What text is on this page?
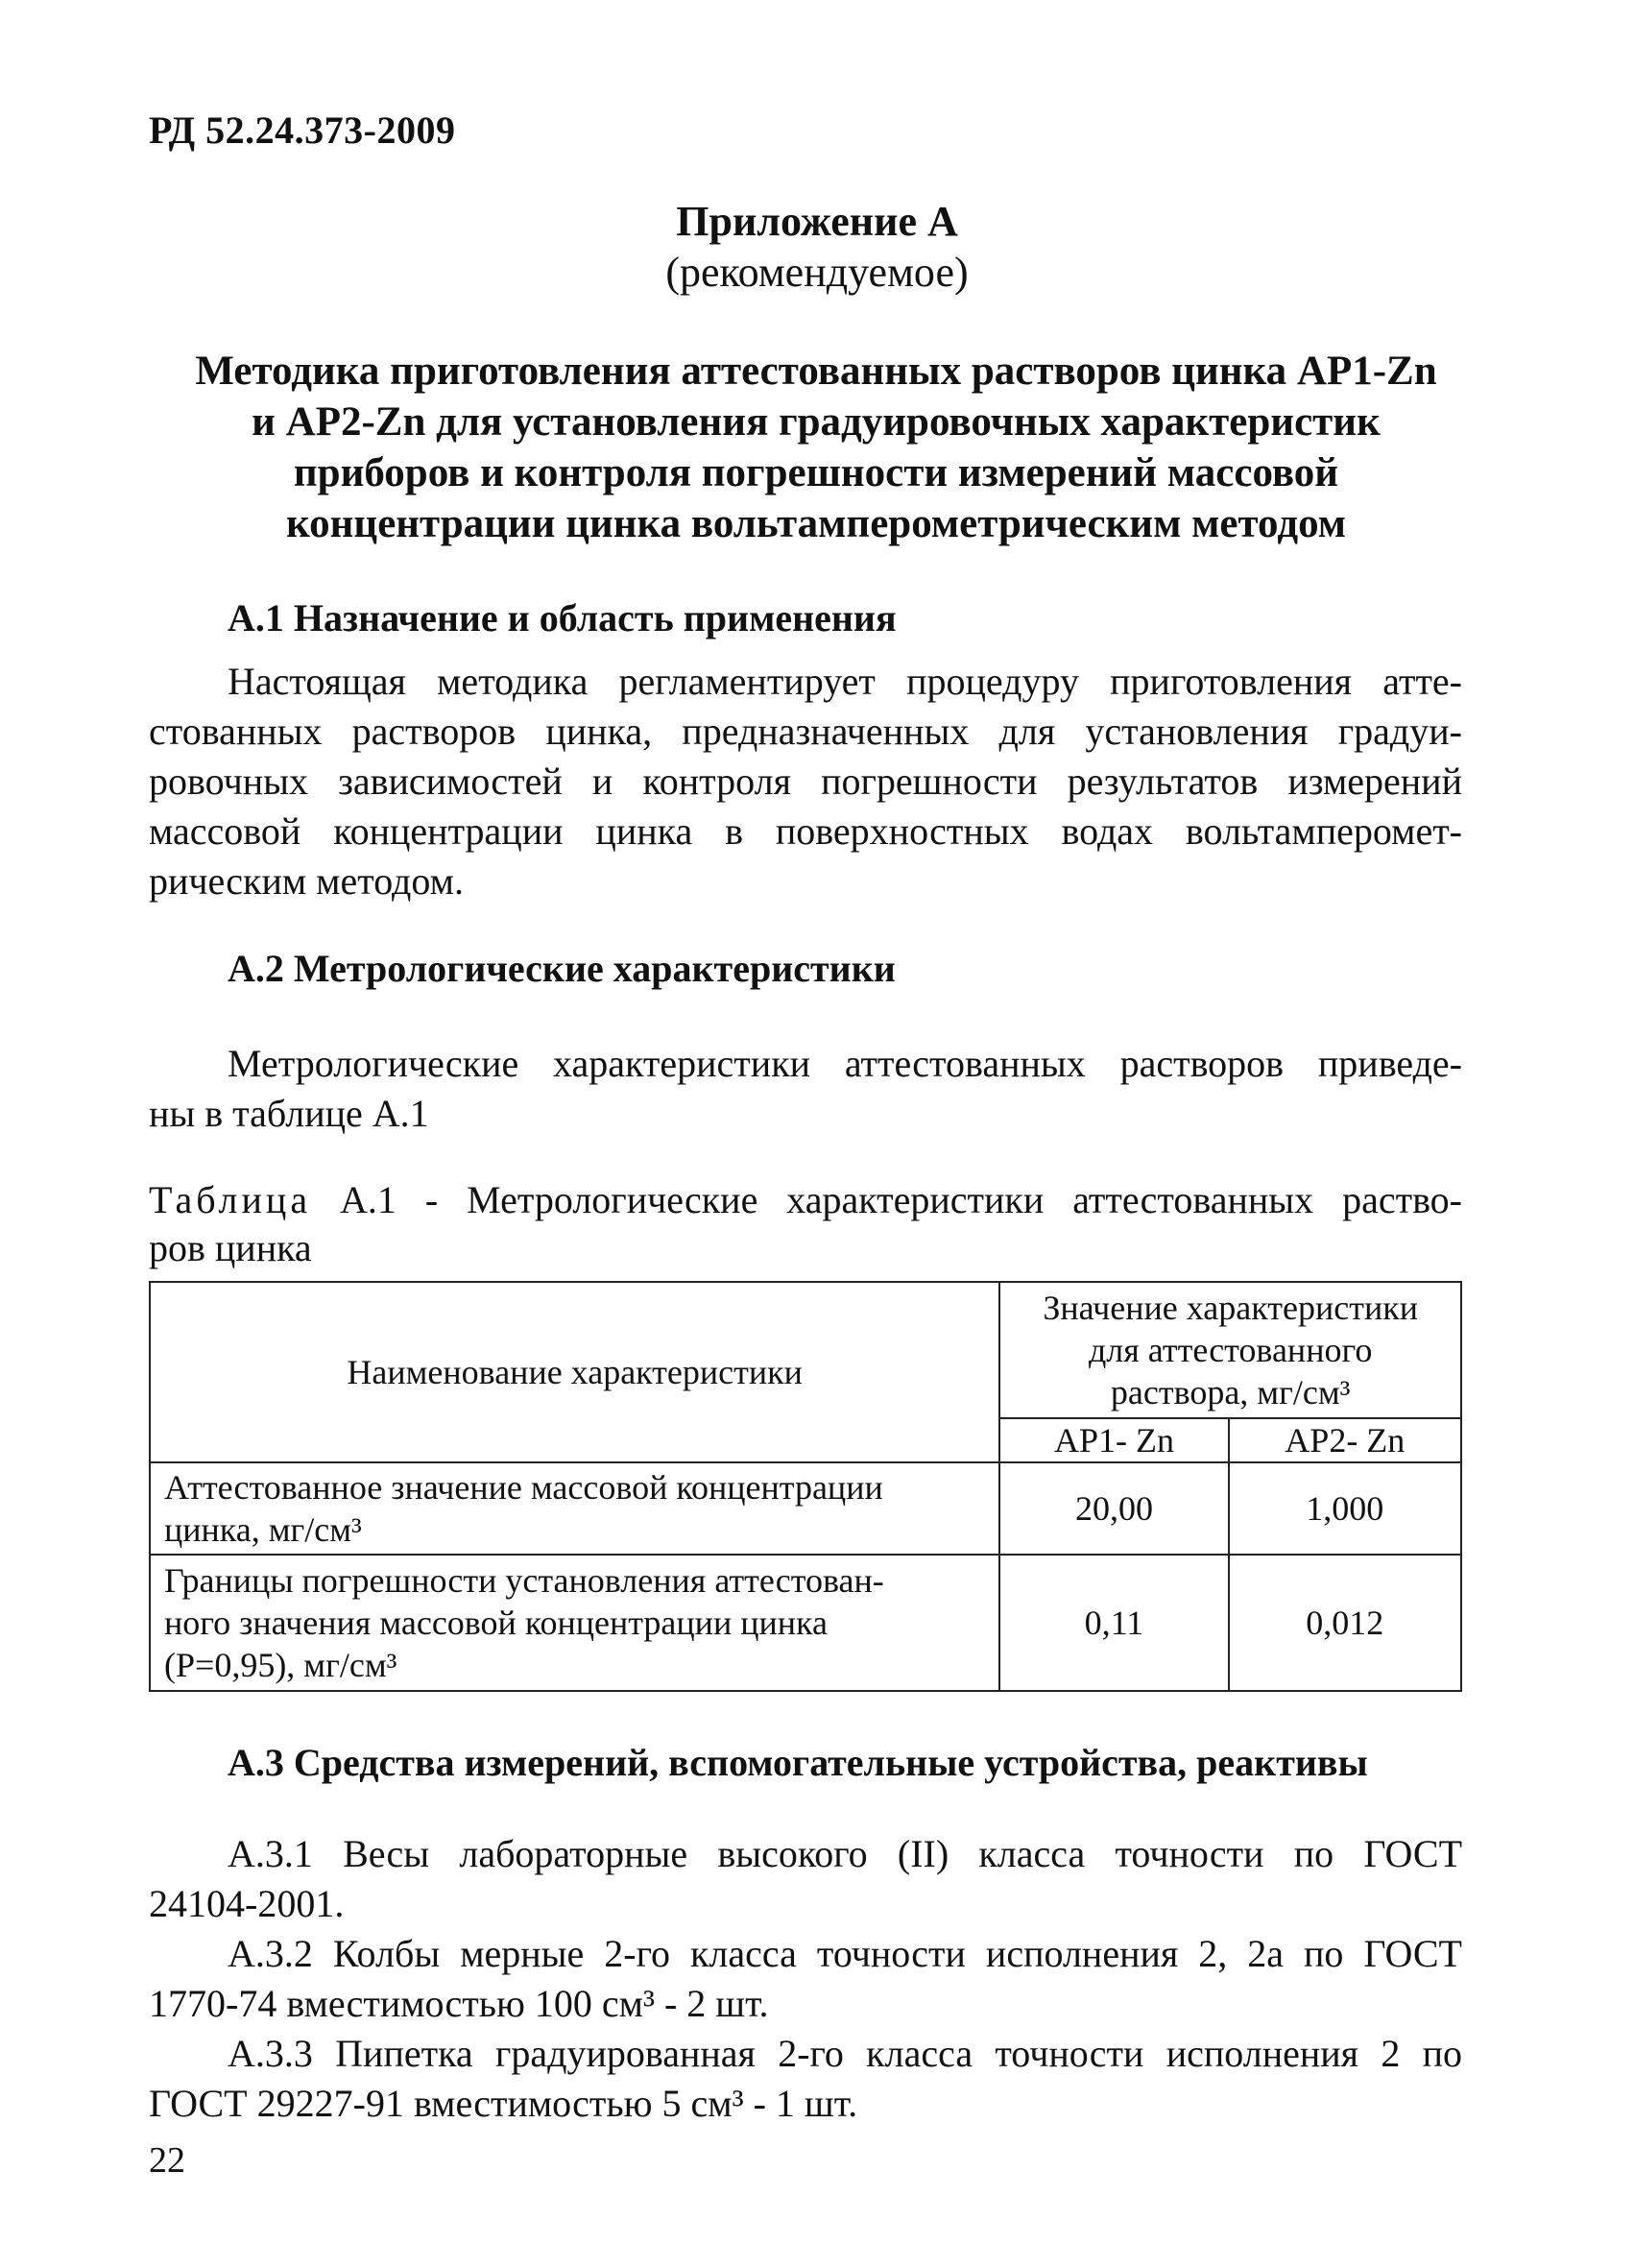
РД 52.24.373-2009
Приложение А
(рекомендуемое)
Методика приготовления аттестованных растворов цинка АР1-Zn
и АР2-Zn для установления градуировочных характеристик
приборов и контроля погрешности измерений массовой
концентрации цинка вольтамперометрическим методом
А.1 Назначение и область применения
Настоящая методика регламентирует процедуру приготовления атте-
стованных растворов цинка, предназначенных для установления градуи-
ровочных зависимостей и контроля погрешности результатов измерений
массовой концентрации цинка в поверхностных водах вольтамперомет-
рическим методом.
А.2 Метрологические характеристики
Метрологические характеристики аттестованных растворов приведе-
ны в таблице А.1
Таблица А.1 - Метрологические характеристики аттестованных раство-
ров цинка
Наименование характеристики	Значение характеристики
для аттестованного
раствора, мг/см³	

	АР1- Zn	АР2- Zn

Аттестованное значение массовой концентрации
цинка, мг/см³	20,00	1,000

Границы погрешности установления аттестован-
ного значения массовой концентрации цинка
(Р=0,95), мг/см³	0,11	0,012
А.3 Средства измерений, вспомогательные устройства, реактивы
А.3.1 Весы лабораторные высокого (II) класса точности по ГОСТ
24104-2001.
А.3.2 Колбы мерные 2-го класса точности исполнения 2, 2а по ГОСТ
1770-74 вместимостью 100 см³ - 2 шт.
А.3.3 Пипетка градуированная 2-го класса точности исполнения 2 по
ГОСТ 29227-91 вместимостью 5 см³ - 1 шт.
22
